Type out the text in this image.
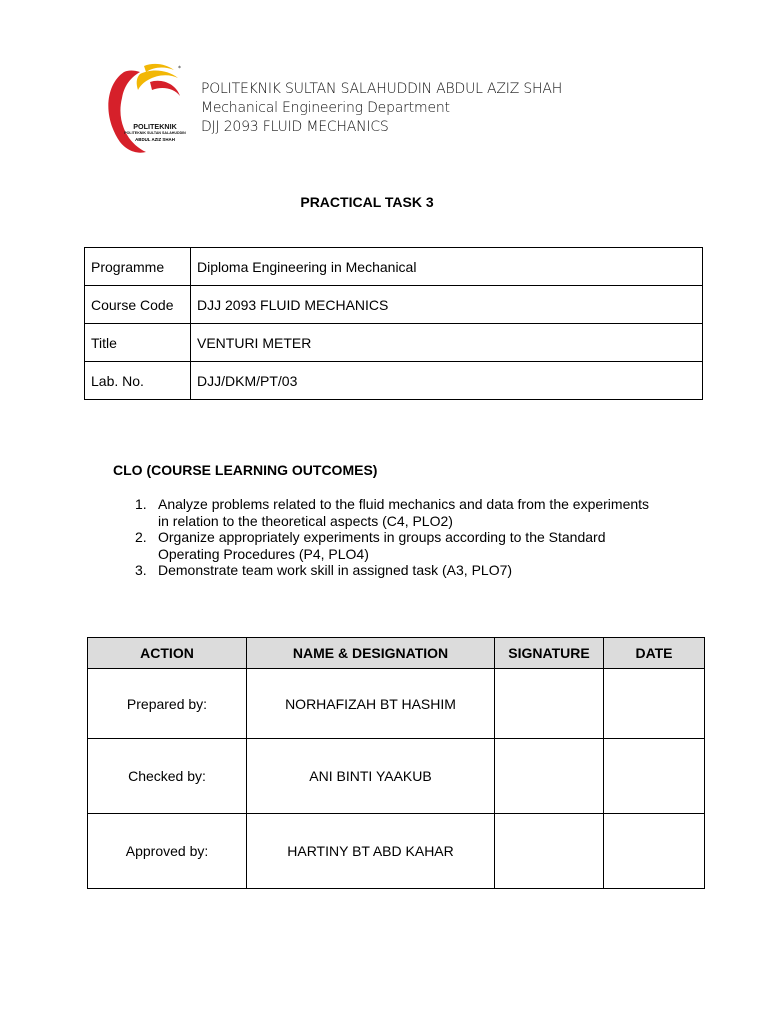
*
POLITEKNIK
POLITEKNIK SULTAN SALAHUDDIN
ABDUL AZIZ SHAH
POLITEKNIK SULTAN SALAHUDDIN ABDUL AZIZ SHAH
Mechanical Engineering Department
DJJ 2093 FLUID MECHANICS
PRACTICAL TASK 3
Programme	Diploma Engineering in Mechanical
Course Code	DJJ 2093 FLUID MECHANICS
Title	VENTURI METER
Lab. No.	DJJ/DKM/PT/03
CLO (COURSE LEARNING OUTCOMES)
1. Analyze problems related to the fluid mechanics and data from the experiments
in relation to the theoretical aspects (C4, PLO2)
2. Organize appropriately experiments in groups according to the Standard
Operating Procedures (P4, PLO4)
3. Demonstrate team work skill in assigned task (A3, PLO7)
ACTION	NAME & DESIGNATION	SIGNATURE	DATE
Prepared by:	NORHAFIZAH BT HASHIM		
Checked by:	ANI BINTI YAAKUB		
Approved by:	HARTINY BT ABD KAHAR		
